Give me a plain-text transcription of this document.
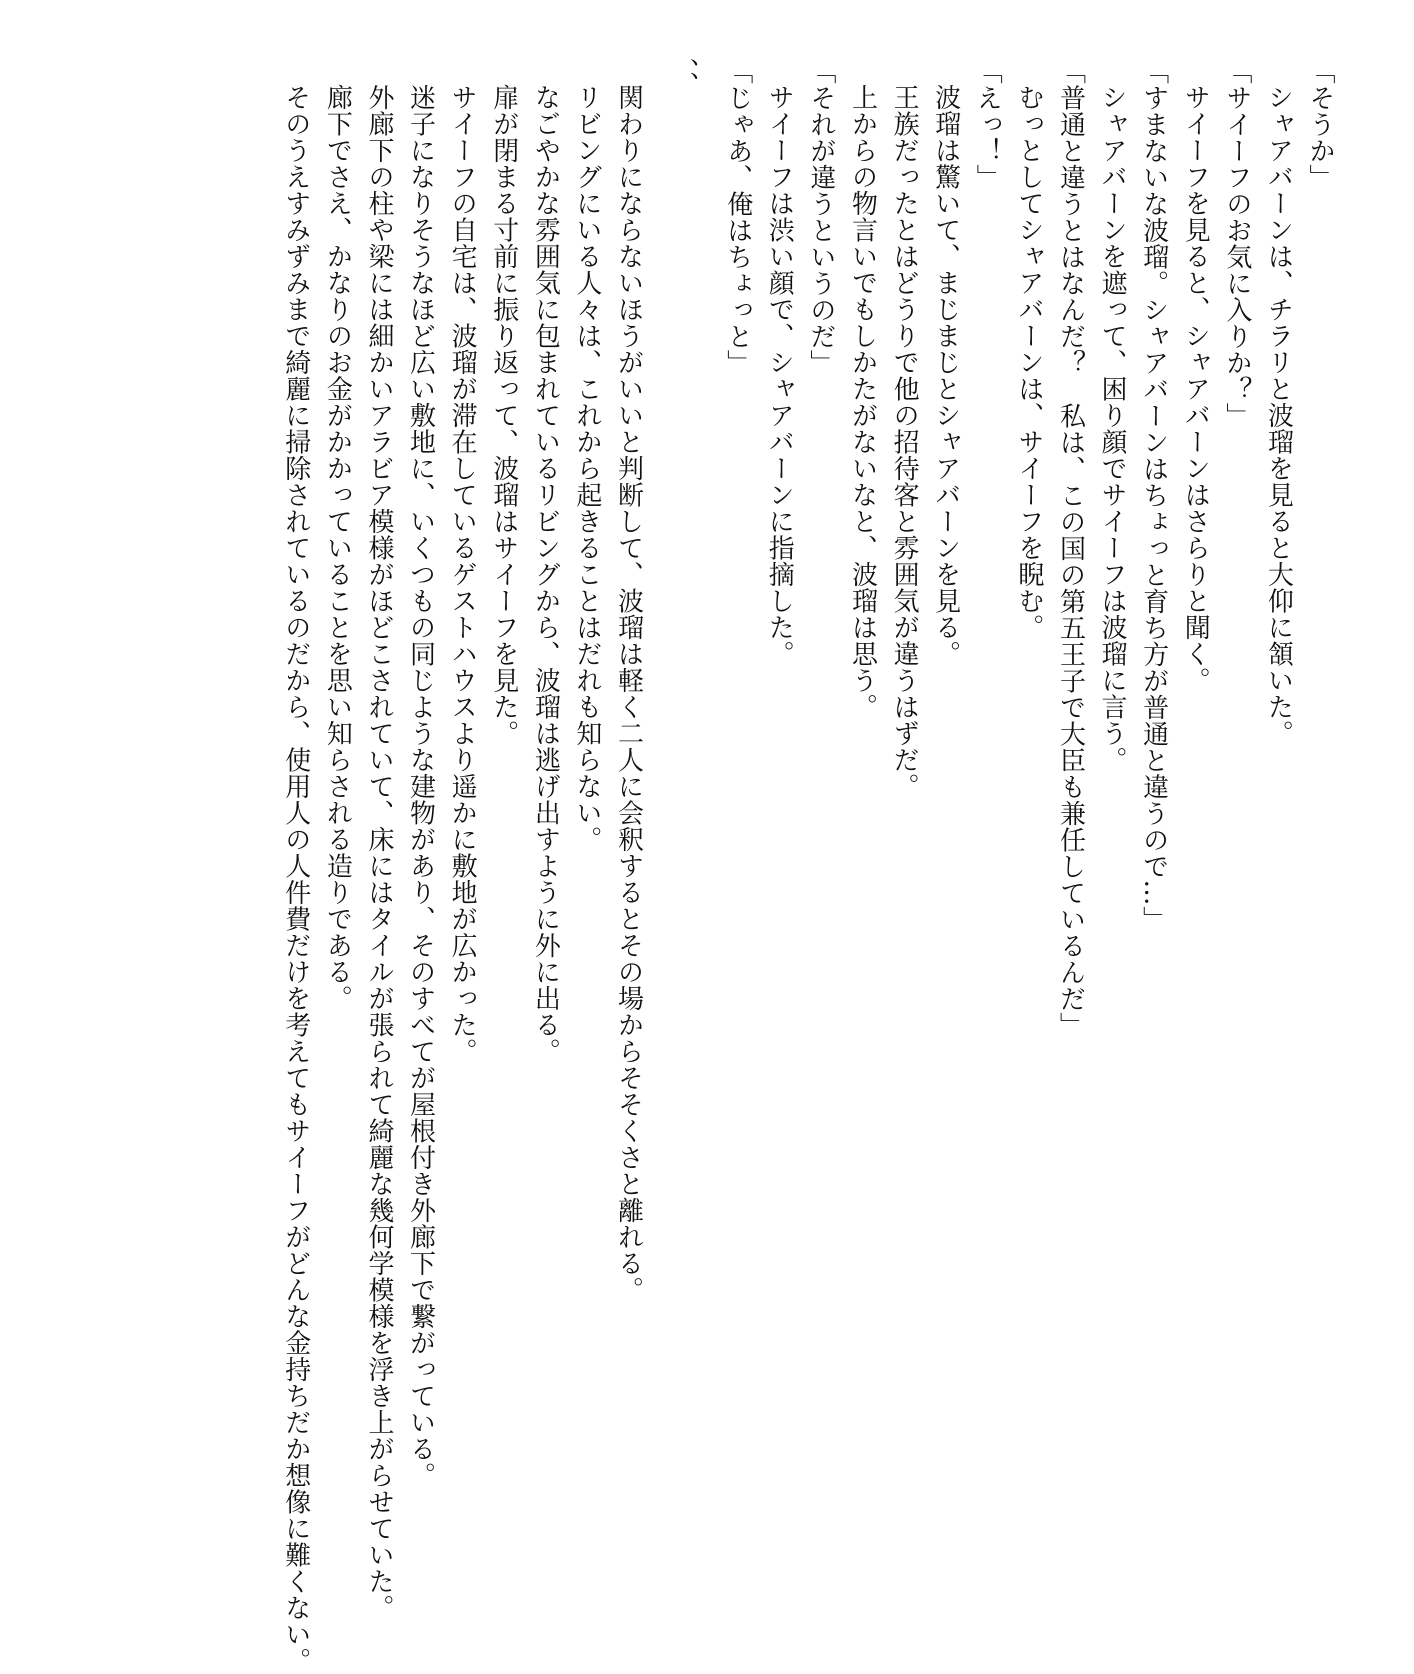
「そうか」
シャアバーンは、チラリと波瑠を見ると大仰に頷いた。
「サイーフのお気に入りか？」
サイーフを見ると、シャアバーンはさらりと聞く。
「すまないな波瑠。シャアバーンはちょっと育ち方が普通と違うので…」
シャアバーンを遮って、困り顔でサイーフは波瑠に言う。
「普通と違うとはなんだ？　私は、この国の第五王子で大臣も兼任しているんだ」
むっとしてシャアバーンは、サイーフを睨む。
「えっ！」
波瑠は驚いて、まじまじとシャアバーンを見る。
王族だったとはどうりで他の招待客と雰囲気が違うはずだ。
上からの物言いでもしかたがないなと、波瑠は思う。
「それが違うというのだ」
サイーフは渋い顔で、シャアバーンに指摘した。
「じゃあ、俺はちょっと」
、、
関わりにならないほうがいいと判断して、波瑠は軽く二人に会釈するとその場からそそくさと離れる。
リビングにいる人々は、これから起きることはだれも知らない。
なごやかな雰囲気に包まれているリビングから、波瑠は逃げ出すように外に出る。
扉が閉まる寸前に振り返って、波瑠はサイーフを見た。
サイーフの自宅は、波瑠が滞在しているゲストハウスより遥かに敷地が広かった。
迷子になりそうなほど広い敷地に、いくつもの同じような建物があり、そのすべてが屋根付き外廊下で繋がっている。
外廊下の柱や梁には細かいアラビア模様がほどこされていて、床にはタイルが張られて綺麗な幾何学模様を浮き上がらせていた。
廊下でさえ、かなりのお金がかかっていることを思い知らされる造りである。
そのうえすみずみまで綺麗に掃除されているのだから、使用人の人件費だけを考えてもサイーフがどんな金持ちだか想像に難くない。
